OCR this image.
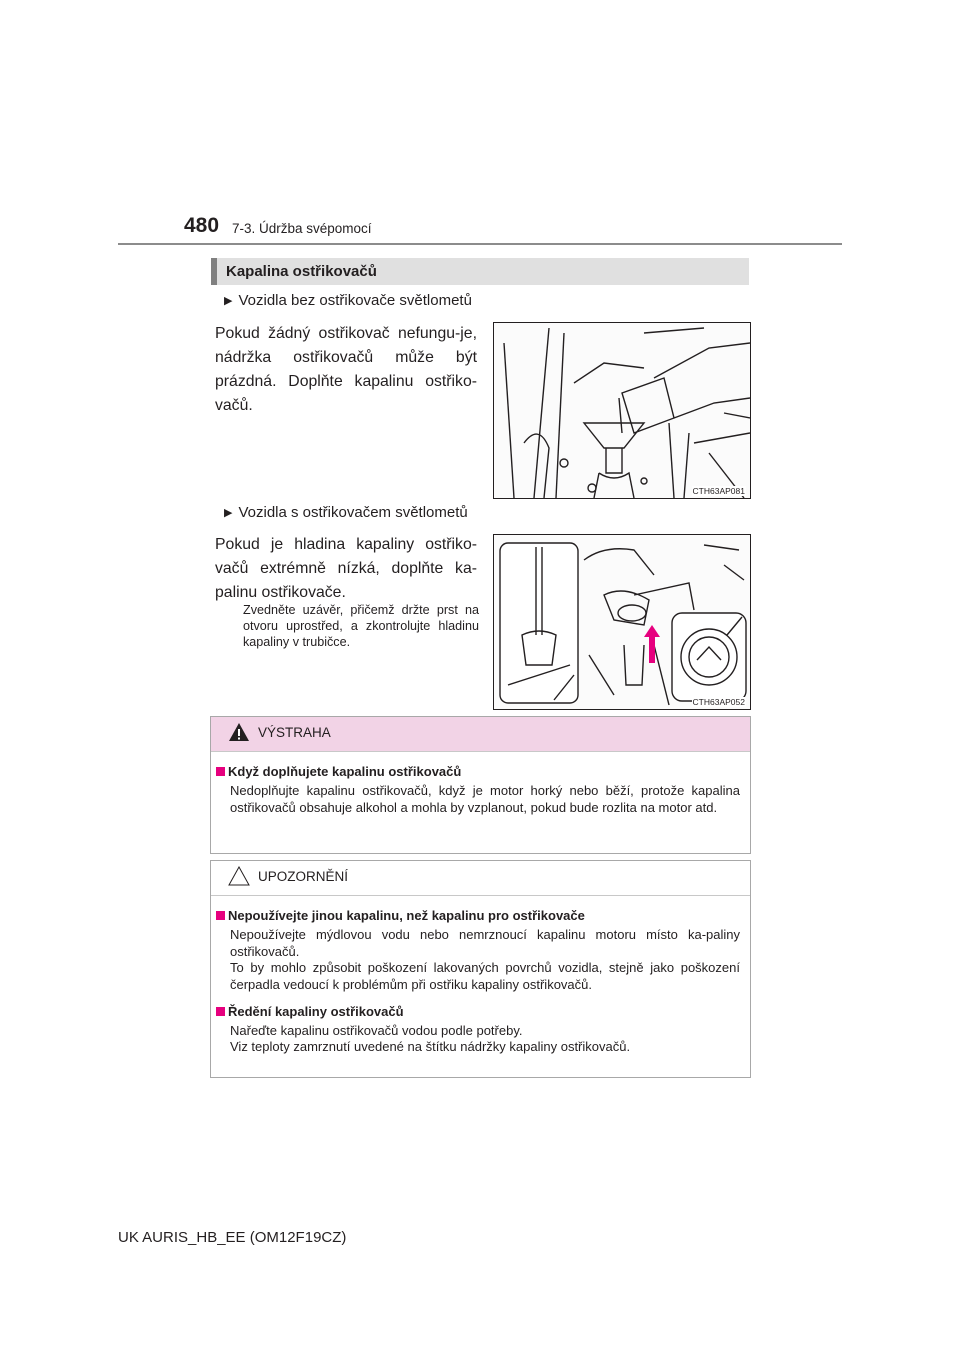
480 7-3. Údržba svépomocí
Kapalina ostřikovačů
▶ Vozidla bez ostřikovače světlometů
Pokud žádný ostřikovač nefungu-je, nádržka ostřikovačů může být prázdná. Doplňte kapalinu ostřiko-vačů.
CTH63AP081
▶ Vozidla s ostřikovačem světlometů
Pokud je hladina kapaliny ostřiko-vačů extrémně nízká, doplňte ka-palinu ostřikovače.
Zvedněte uzávěr, přičemž držte prst na otvoru uprostřed, a zkontrolujte hladinu kapaliny v trubičce.
CTH63AP052
VÝSTRAHA
Když doplňujete kapalinu ostřikovačů
Nedoplňujte kapalinu ostřikovačů, když je motor horký nebo běží, protože kapalina ostřikovačů obsahuje alkohol a mohla by vzplanout, pokud bude rozlita na motor atd.
UPOZORNĚNÍ
Nepoužívejte jinou kapalinu, než kapalinu pro ostřikovače
Nepoužívejte mýdlovou vodu nebo nemrznoucí kapalinu motoru místo ka-paliny ostřikovačů.
To by mohlo způsobit poškození lakovaných povrchů vozidla, stejně jako poškození čerpadla vedoucí k problémům při ostřiku kapaliny ostřikovačů.
Ředění kapaliny ostřikovačů
Nařeďte kapalinu ostřikovačů vodou podle potřeby.
Viz teploty zamrznutí uvedené na štítku nádržky kapaliny ostřikovačů.
UK AURIS_HB_EE (OM12F19CZ)
